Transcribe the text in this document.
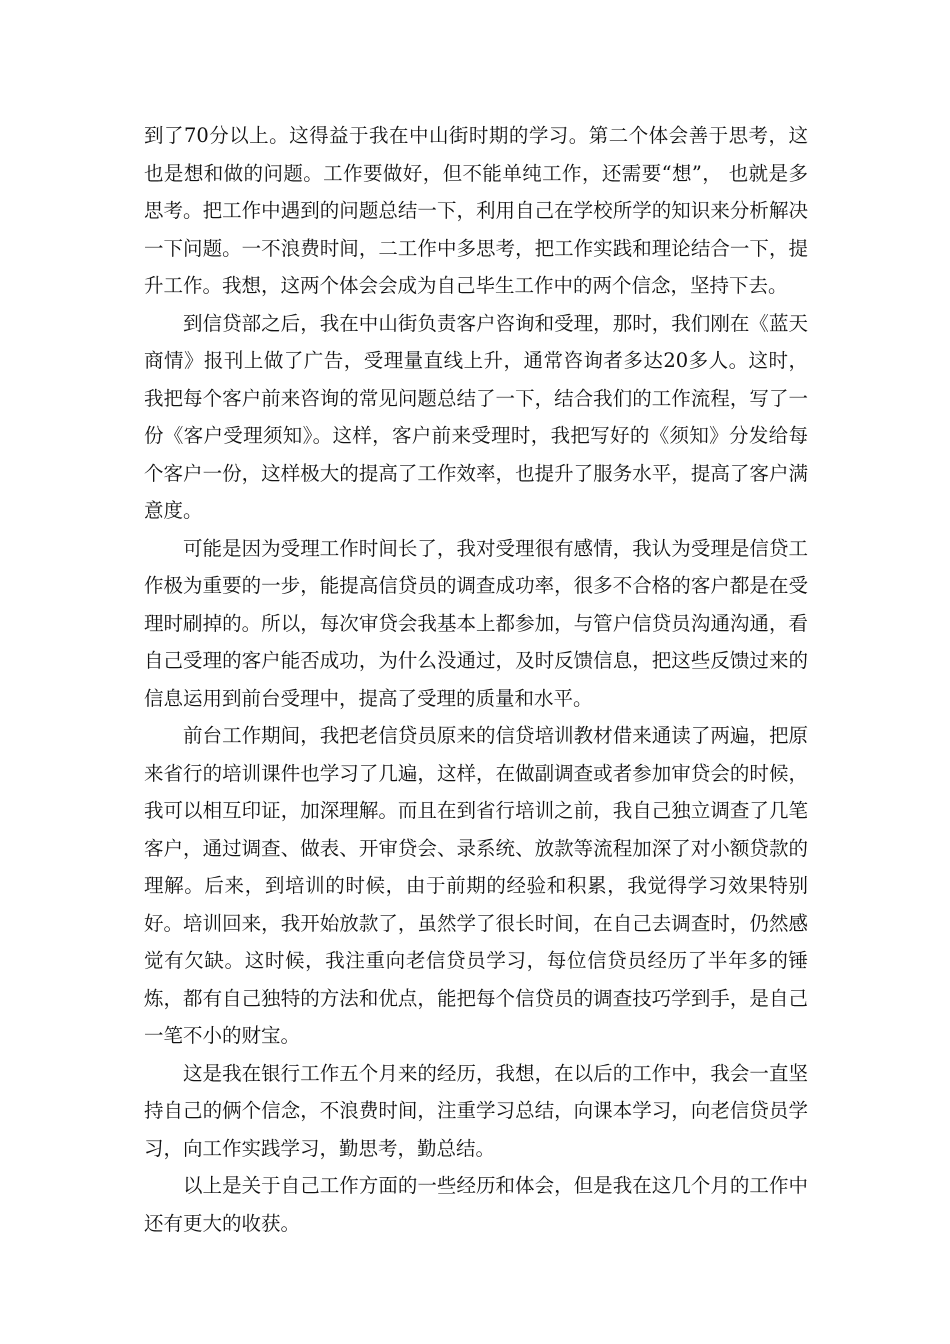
到了70分以上。这得益于我在中山街时期的学习。第二个体会善于思考，这也是想和做的问题。工作要做好，但不能单纯工作，还需要“想”， 也就是多思考。把工作中遇到的问题总结一下，利用自己在学校所学的知识来分析解决一下问题。一不浪费时间，二工作中多思考，把工作实践和理论结合一下，提升工作。我想，这两个体会会成为自己毕生工作中的两个信念，坚持下去。

到信贷部之后，我在中山街负责客户咨询和受理，那时，我们刚在《蓝天商情》报刊上做了广告，受理量直线上升，通常咨询者多达20多人。这时，我把每个客户前来咨询的常见问题总结了一下，结合我们的工作流程，写了一份《客户受理须知》。这样，客户前来受理时，我把写好的《须知》分发给每个客户一份，这样极大的提高了工作效率，也提升了服务水平，提高了客户满意度。

可能是因为受理工作时间长了，我对受理很有感情，我认为受理是信贷工作极为重要的一步，能提高信贷员的调查成功率，很多不合格的客户都是在受理时刷掉的。所以，每次审贷会我基本上都参加，与管户信贷员沟通沟通，看自己受理的客户能否成功，为什么没通过，及时反馈信息，把这些反馈过来的信息运用到前台受理中，提高了受理的质量和水平。

前台工作期间，我把老信贷员原来的信贷培训教材借来通读了两遍，把原来省行的培训课件也学习了几遍，这样，在做副调查或者参加审贷会的时候，我可以相互印证，加深理解。而且在到省行培训之前，我自己独立调查了几笔客户，通过调查、做表、开审贷会、录系统、放款等流程加深了对小额贷款的理解。后来，到培训的时候，由于前期的经验和积累，我觉得学习效果特别好。培训回来，我开始放款了，虽然学了很长时间，在自己去调查时，仍然感觉有欠缺。这时候，我注重向老信贷员学习，每位信贷员经历了半年多的锤炼，都有自己独特的方法和优点，能把每个信贷员的调查技巧学到手，是自己一笔不小的财宝。

这是我在银行工作五个月来的经历，我想，在以后的工作中，我会一直坚持自己的俩个信念，不浪费时间，注重学习总结，向课本学习，向老信贷员学习，向工作实践学习，勤思考，勤总结。

以上是关于自己工作方面的一些经历和体会，但是我在这几个月的工作中还有更大的收获。
